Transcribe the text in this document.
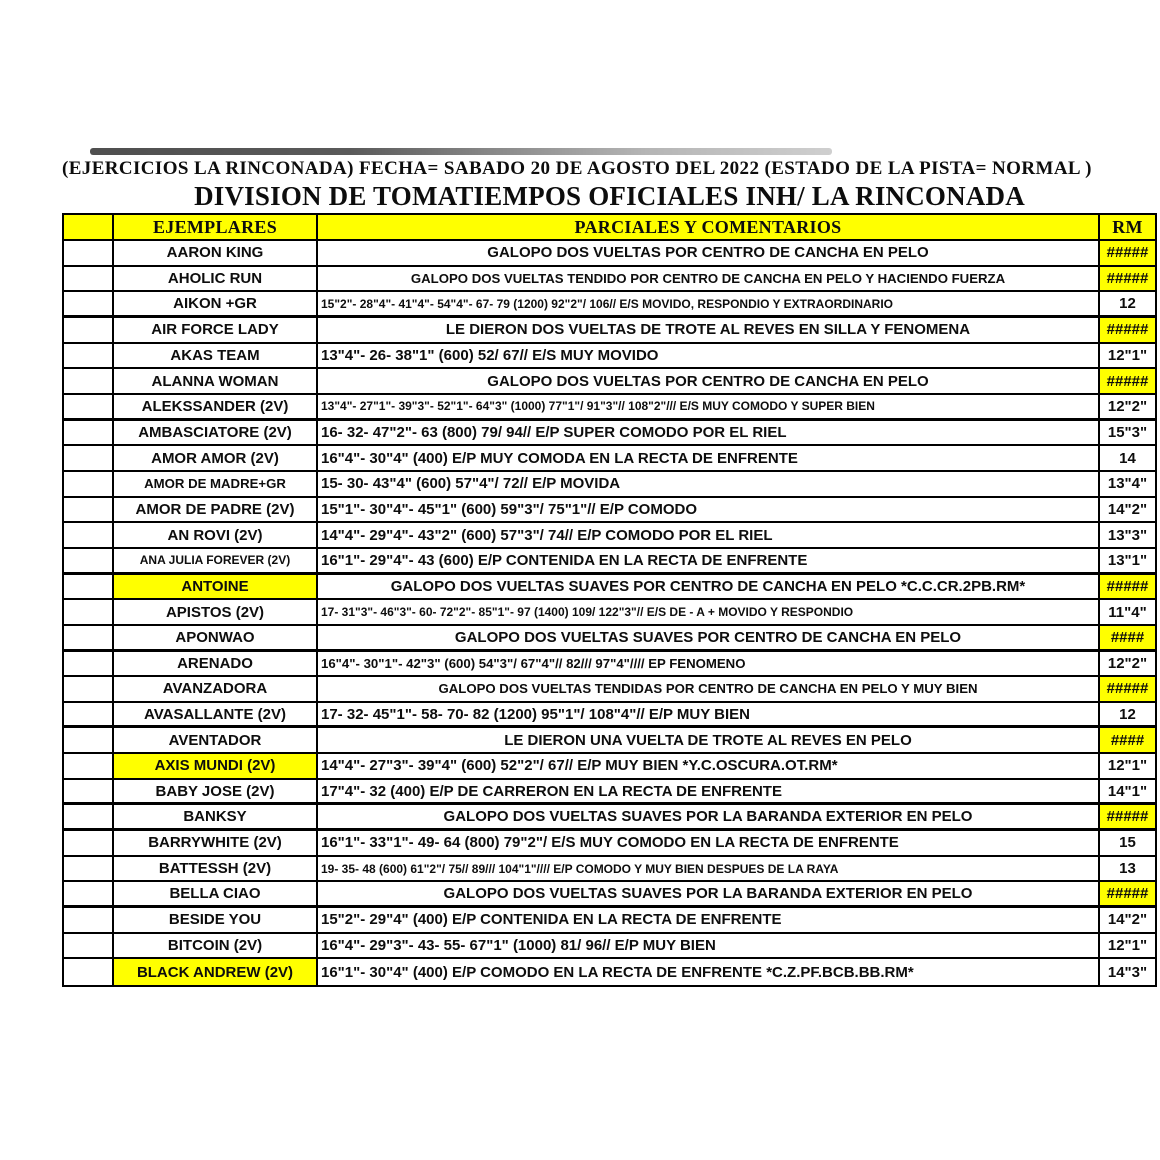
(EJERCICIOS LA RINCONADA) FECHA= SABADO 20 DE AGOSTO DEL 2022 (ESTADO DE LA PISTA= NORMAL )
DIVISION DE TOMATIEMPOS OFICIALES INH/ LA RINCONADA
EJEMPLARES	PARCIALES Y COMENTARIOS	RM
AARON KING	GALOPO DOS VUELTAS POR CENTRO DE CANCHA EN PELO	#####
AHOLIC RUN	GALOPO DOS VUELTAS TENDIDO POR CENTRO DE CANCHA EN PELO Y HACIENDO FUERZA	#####
AIKON +GR	15"2"- 28"4"- 41"4"- 54"4"- 67- 79 (1200) 92"2"/ 106// E/S MOVIDO, RESPONDIO Y EXTRAORDINARIO	12
AIR FORCE LADY	LE DIERON DOS VUELTAS DE TROTE AL REVES EN SILLA Y FENOMENA	#####
AKAS TEAM	13"4"- 26- 38"1" (600) 52/ 67// E/S MUY MOVIDO	12"1"
ALANNA WOMAN	GALOPO DOS VUELTAS POR CENTRO DE CANCHA EN PELO	#####
ALEKSSANDER (2V)	13"4"- 27"1"- 39"3"- 52"1"- 64"3" (1000) 77"1"/ 91"3"// 108"2"/// E/S MUY COMODO Y SUPER BIEN	12"2"
AMBASCIATORE (2V)	16- 32- 47"2"- 63 (800) 79/ 94// E/P SUPER COMODO POR EL RIEL	15"3"
AMOR AMOR (2V)	16"4"- 30"4" (400) E/P MUY COMODA EN LA RECTA DE ENFRENTE	14
AMOR DE MADRE+GR	15- 30- 43"4" (600) 57"4"/ 72// E/P MOVIDA	13"4"
AMOR DE PADRE (2V)	15"1"- 30"4"- 45"1" (600) 59"3"/ 75"1"// E/P COMODO	14"2"
AN ROVI (2V)	14"4"- 29"4"- 43"2" (600) 57"3"/ 74// E/P COMODO POR EL RIEL	13"3"
ANA JULIA FOREVER (2V)	16"1"- 29"4"- 43 (600) E/P CONTENIDA EN LA RECTA DE ENFRENTE	13"1"
ANTOINE	GALOPO DOS VUELTAS SUAVES POR CENTRO DE CANCHA EN PELO *C.C.CR.2PB.RM*	#####
APISTOS (2V)	17- 31"3"- 46"3"- 60- 72"2"- 85"1"- 97 (1400) 109/ 122"3"// E/S DE - A + MOVIDO Y RESPONDIO	11"4"
APONWAO	GALOPO DOS VUELTAS SUAVES POR CENTRO DE CANCHA EN PELO	####
ARENADO	16"4"- 30"1"- 42"3" (600) 54"3"/ 67"4"// 82/// 97"4"//// EP FENOMENO	12"2"
AVANZADORA	GALOPO DOS VUELTAS TENDIDAS POR CENTRO DE CANCHA EN PELO Y MUY BIEN	#####
AVASALLANTE (2V)	17- 32- 45"1"- 58- 70- 82 (1200) 95"1"/ 108"4"// E/P MUY BIEN	12
AVENTADOR	LE DIERON UNA VUELTA DE TROTE AL REVES EN PELO	####
AXIS MUNDI (2V)	14"4"- 27"3"- 39"4" (600) 52"2"/ 67// E/P MUY BIEN *Y.C.OSCURA.OT.RM*	12"1"
BABY JOSE (2V)	17"4"- 32 (400) E/P DE CARRERON EN LA RECTA DE ENFRENTE	14"1"
BANKSY	GALOPO DOS VUELTAS SUAVES POR LA BARANDA EXTERIOR EN PELO	#####
BARRYWHITE (2V)	16"1"- 33"1"- 49- 64 (800) 79"2"/ E/S MUY COMODO EN LA RECTA DE ENFRENTE	15
BATTESSH (2V)	19- 35- 48 (600) 61"2"/ 75// 89/// 104"1"//// E/P COMODO Y MUY BIEN DESPUES DE LA RAYA	13
BELLA CIAO	GALOPO DOS VUELTAS SUAVES POR LA BARANDA EXTERIOR EN PELO	#####
BESIDE YOU	15"2"- 29"4" (400) E/P CONTENIDA EN LA RECTA DE ENFRENTE	14"2"
BITCOIN (2V)	16"4"- 29"3"- 43- 55- 67"1" (1000) 81/ 96// E/P MUY BIEN	12"1"
BLACK ANDREW (2V)	16"1"- 30"4" (400) E/P COMODO EN LA RECTA DE ENFRENTE *C.Z.PF.BCB.BB.RM*	14"3"
